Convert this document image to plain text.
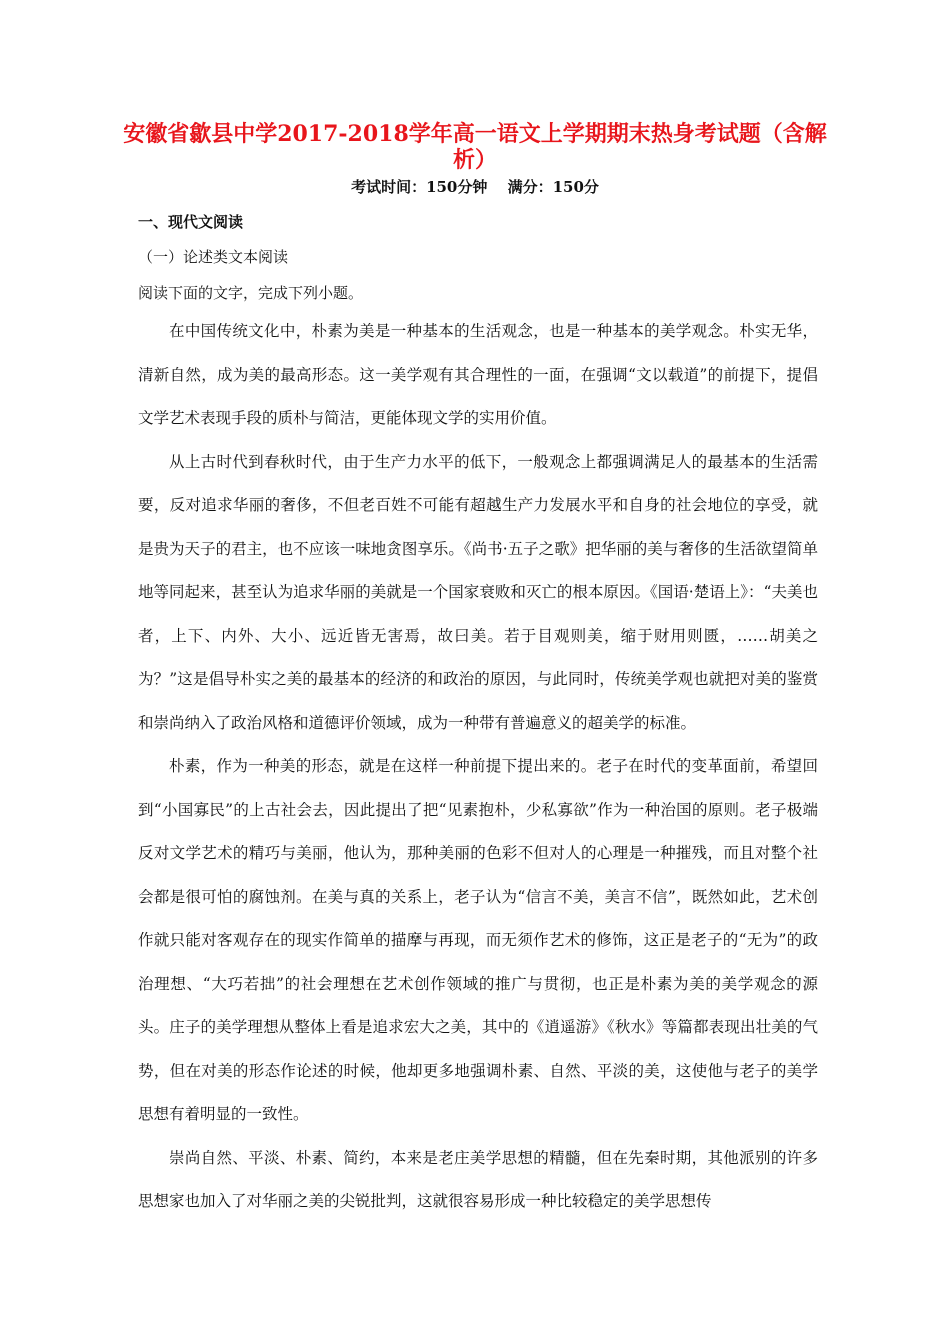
安徽省歙县中学2017-2018学年高一语文上学期期末热身考试题（含解析）
考试时间：150分钟　 满分：150分
一、现代文阅读
（一）论述类文本阅读
阅读下面的文字，完成下列小题。

在中国传统文化中，朴素为美是一种基本的生活观念，也是一种基本的美学观念。朴实无华，清新自然，成为美的最高形态。这一美学观有其合理性的一面，在强调“文以载道”的前提下，提倡文学艺术表现手段的质朴与简洁，更能体现文学的实用价值。

从上古时代到春秋时代，由于生产力水平的低下，一般观念上都强调满足人的最基本的生活需要，反对追求华丽的奢侈，不但老百姓不可能有超越生产力发展水平和自身的社会地位的享受，就是贵为天子的君主，也不应该一味地贪图享乐。《尚书·五子之歌》把华丽的美与奢侈的生活欲望简单地等同起来，甚至认为追求华丽的美就是一个国家衰败和灭亡的根本原因。《国语·楚语上》：“夫美也者，上下、内外、大小、远近皆无害焉，故曰美。若于目观则美，缩于财用则匮，……胡美之为？”这是倡导朴实之美的最基本的经济的和政治的原因，与此同时，传统美学观也就把对美的鉴赏和崇尚纳入了政治风格和道德评价领域，成为一种带有普遍意义的超美学的标准。

朴素，作为一种美的形态，就是在这样一种前提下提出来的。老子在时代的变革面前，希望回到“小国寡民”的上古社会去，因此提出了把“见素抱朴，少私寡欲”作为一种治国的原则。老子极端反对文学艺术的精巧与美丽，他认为，那种美丽的色彩不但对人的心理是一种摧残，而且对整个社会都是很可怕的腐蚀剂。在美与真的关系上，老子认为“信言不美，美言不信”，既然如此，艺术创作就只能对客观存在的现实作简单的描摩与再现，而无须作艺术的修饰，这正是老子的“无为”的政治理想、“大巧若拙”的社会理想在艺术创作领域的推广与贯彻，也正是朴素为美的美学观念的源头。庄子的美学理想从整体上看是追求宏大之美，其中的《逍遥游》《秋水》等篇都表现出壮美的气势，但在对美的形态作论述的时候，他却更多地强调朴素、自然、平淡的美，这使他与老子的美学思想有着明显的一致性。

崇尚自然、平淡、朴素、简约，本来是老庄美学思想的精髓，但在先秦时期，其他派别的许多思想家也加入了对华丽之美的尖锐批判，这就很容易形成一种比较稳定的美学思想传
